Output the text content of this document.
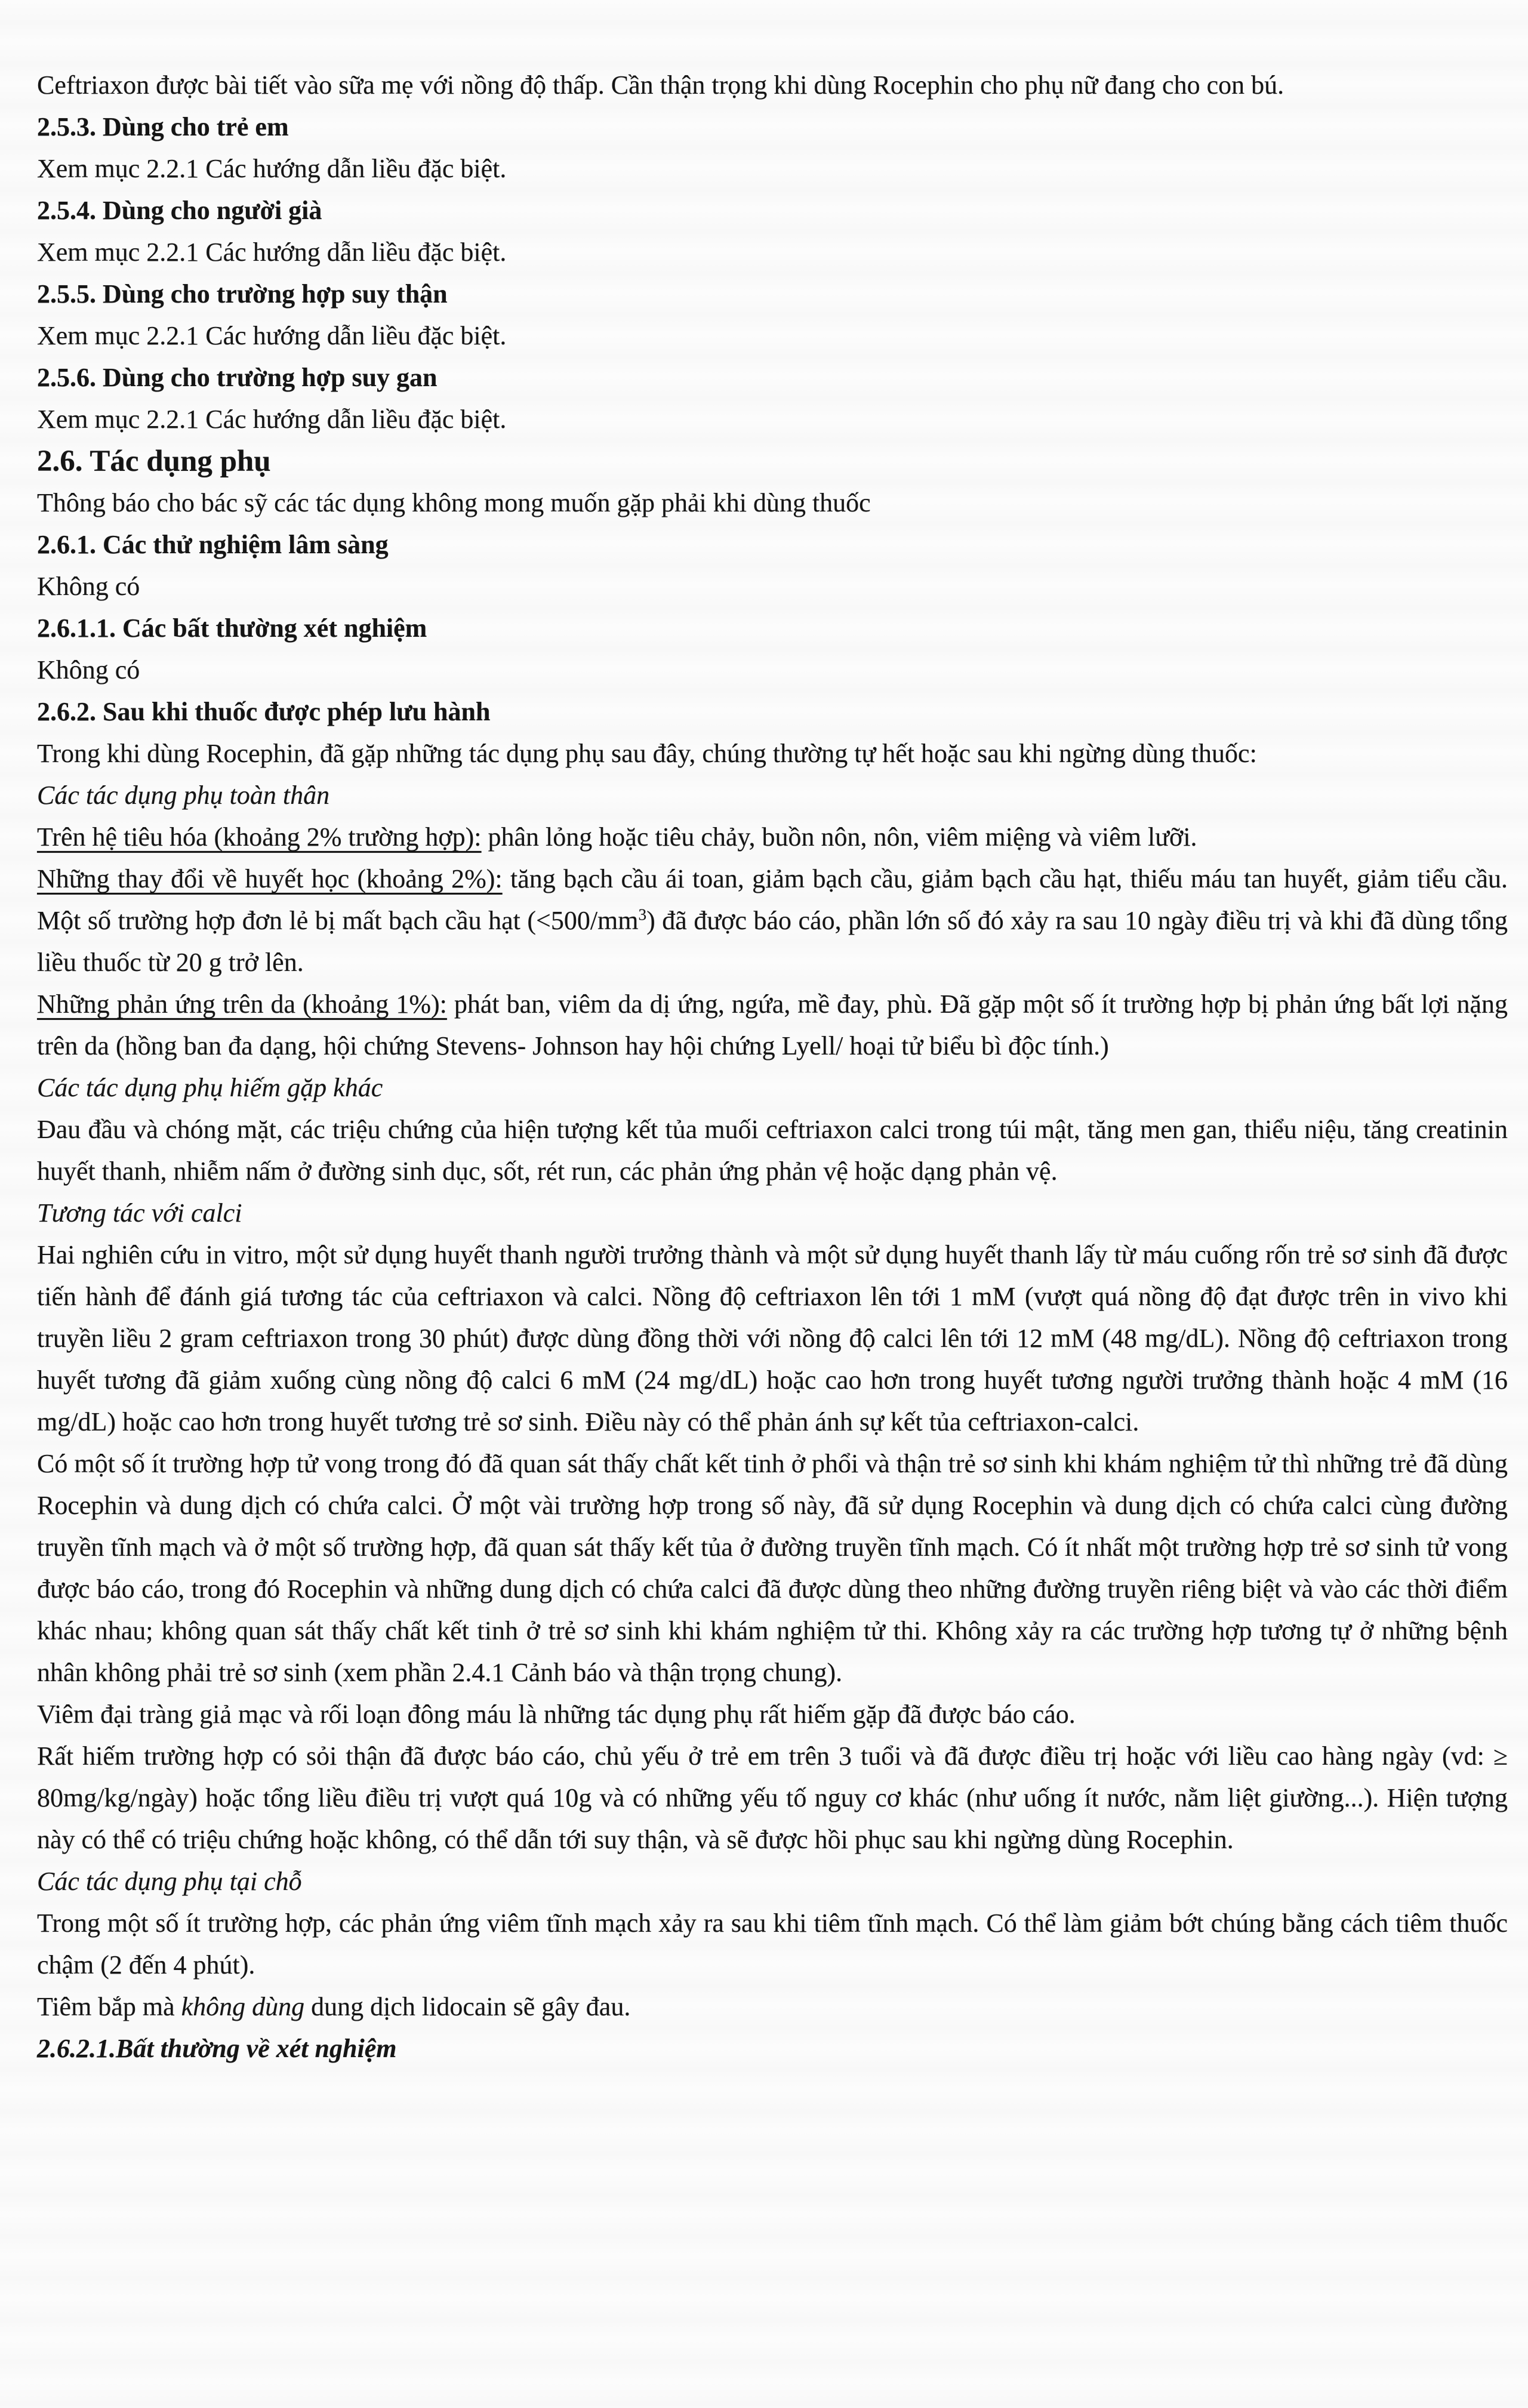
Ceftriaxon được bài tiết vào sữa mẹ với nồng độ thấp. Cần thận trọng khi dùng Rocephin cho phụ nữ đang cho con bú.

2.5.3. Dùng cho trẻ em

Xem mục 2.2.1 Các hướng dẫn liều đặc biệt.

2.5.4. Dùng cho người già

Xem mục 2.2.1 Các hướng dẫn liều đặc biệt.

2.5.5. Dùng cho trường hợp suy thận

Xem mục 2.2.1 Các hướng dẫn liều đặc biệt.

2.5.6. Dùng cho trường hợp suy gan

Xem mục 2.2.1 Các hướng dẫn liều đặc biệt.

2.6. Tác dụng phụ

Thông báo cho bác sỹ các tác dụng không mong muốn gặp phải khi dùng thuốc

2.6.1. Các thử nghiệm lâm sàng

Không có

2.6.1.1. Các bất thường xét nghiệm

Không có

2.6.2. Sau khi thuốc được phép lưu hành

Trong khi dùng Rocephin, đã gặp những tác dụng phụ sau đây, chúng thường tự hết hoặc sau khi ngừng dùng thuốc:

Các tác dụng phụ toàn thân

Trên hệ tiêu hóa (khoảng 2% trường hợp): phân lỏng hoặc tiêu chảy, buồn nôn, nôn, viêm miệng và viêm lưỡi.

Những thay đổi về huyết học (khoảng 2%): tăng bạch cầu ái toan, giảm bạch cầu, giảm bạch cầu hạt, thiếu máu tan huyết, giảm tiểu cầu. Một số trường hợp đơn lẻ bị mất bạch cầu hạt $(<500/mm^3)$ đã được báo cáo, phần lớn số đó xảy ra sau 10 ngày điều trị và khi đã dùng tổng liều thuốc từ 20 g trở lên.

Những phản ứng trên da (khoảng 1%): phát ban, viêm da dị ứng, ngứa, mề đay, phù. Đã gặp một số ít trường hợp bị phản ứng bất lợi nặng trên da (hồng ban đa dạng, hội chứng Stevens- Johnson hay hội chứng Lyell/ hoại tử biểu bì độc tính.)

Các tác dụng phụ hiếm gặp khác

Đau đầu và chóng mặt, các triệu chứng của hiện tượng kết tủa muối ceftriaxon calci trong túi mật, tăng men gan, thiểu niệu, tăng creatinin huyết thanh, nhiễm nấm ở đường sinh dục, sốt, rét run, các phản ứng phản vệ hoặc dạng phản vệ.

Tương tác với calci

Hai nghiên cứu in vitro, một sử dụng huyết thanh người trưởng thành và một sử dụng huyết thanh lấy từ máu cuống rốn trẻ sơ sinh đã được tiến hành để đánh giá tương tác của ceftriaxon và calci. Nồng độ ceftriaxon lên tới 1 mM (vượt quá nồng độ đạt được trên in vivo khi truyền liều 2 gram ceftriaxon trong 30 phút) được dùng đồng thời với nồng độ calci lên tới 12 mM (48 mg/dL). Nồng độ ceftriaxon trong huyết tương đã giảm xuống cùng nồng độ calci 6 mM (24 mg/dL) hoặc cao hơn trong huyết tương người trưởng thành hoặc 4 mM (16 mg/dL) hoặc cao hơn trong huyết tương trẻ sơ sinh. Điều này có thể phản ánh sự kết tủa ceftriaxon-calci.

Có một số ít trường hợp tử vong trong đó đã quan sát thấy chất kết tinh ở phổi và thận trẻ sơ sinh khi khám nghiệm tử thì những trẻ đã dùng Rocephin và dung dịch có chứa calci. Ở một vài trường hợp trong số này, đã sử dụng Rocephin và dung dịch có chứa calci cùng đường truyền tĩnh mạch và ở một số trường hợp, đã quan sát thấy kết tủa ở đường truyền tĩnh mạch. Có ít nhất một trường hợp trẻ sơ sinh tử vong được báo cáo, trong đó Rocephin và những dung dịch có chứa calci đã được dùng theo những đường truyền riêng biệt và vào các thời điểm khác nhau; không quan sát thấy chất kết tinh ở trẻ sơ sinh khi khám nghiệm tử thi. Không xảy ra các trường hợp tương tự ở những bệnh nhân không phải trẻ sơ sinh (xem phần 2.4.1 Cảnh báo và thận trọng chung).

Viêm đại tràng giả mạc và rối loạn đông máu là những tác dụng phụ rất hiếm gặp đã được báo cáo.

Rất hiếm trường hợp có sỏi thận đã được báo cáo, chủ yếu ở trẻ em trên 3 tuổi và đã được điều trị hoặc với liều cao hàng ngày (vd: ≥ 80mg/kg/ngày) hoặc tổng liều điều trị vượt quá 10g và có những yếu tố nguy cơ khác (như uống ít nước, nằm liệt giường...). Hiện tượng này có thể có triệu chứng hoặc không, có thể dẫn tới suy thận, và sẽ được hồi phục sau khi ngừng dùng Rocephin.

Các tác dụng phụ tại chỗ

Trong một số ít trường hợp, các phản ứng viêm tĩnh mạch xảy ra sau khi tiêm tĩnh mạch. Có thể làm giảm bớt chúng bằng cách tiêm thuốc chậm (2 đến 4 phút).

Tiêm bắp mà không dùng dung dịch lidocain sẽ gây đau.

2.6.2.1.Bất thường về xét nghiệm
